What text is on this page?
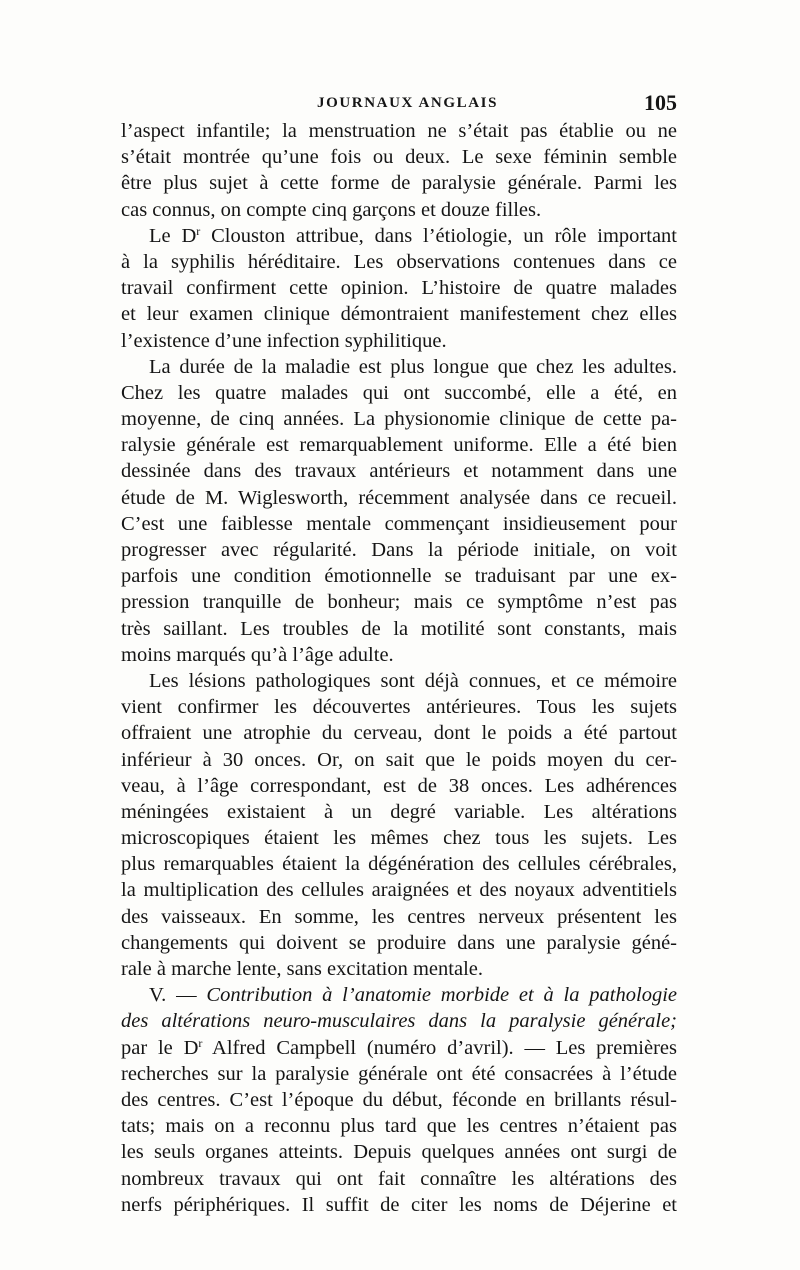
JOURNAUX ANGLAIS	105
l’aspect infantile; la menstruation ne s’était pas établie ou ne
s’était montrée qu’une fois ou deux. Le sexe féminin semble
être plus sujet à cette forme de paralysie générale. Parmi les
cas connus, on compte cinq garçons et douze filles.
Le $D^r$ Clouston attribue, dans l’étiologie, un rôle important
à la syphilis héréditaire. Les observations contenues dans ce
travail confirment cette opinion. L’histoire de quatre malades
et leur examen clinique démontraient manifestement chez elles
l’existence d’une infection syphilitique.
La durée de la maladie est plus longue que chez les adultes.
Chez les quatre malades qui ont succombé, elle a été, en
moyenne, de cinq années. La physionomie clinique de cette pa-
ralysie générale est remarquablement uniforme. Elle a été bien
dessinée dans des travaux antérieurs et notamment dans une
étude de M. Wiglesworth, récemment analysée dans ce recueil.
C’est une faiblesse mentale commençant insidieusement pour
progresser avec régularité. Dans la période initiale, on voit
parfois une condition émotionnelle se traduisant par une ex-
pression tranquille de bonheur; mais ce symptôme n’est pas
très saillant. Les troubles de la motilité sont constants, mais
moins marqués qu’à l’âge adulte.
Les lésions pathologiques sont déjà connues, et ce mémoire
vient confirmer les découvertes antérieures. Tous les sujets
offraient une atrophie du cerveau, dont le poids a été partout
inférieur à 30 onces. Or, on sait que le poids moyen du cer-
veau, à l’âge correspondant, est de 38 onces. Les adhérences
méningées existaient à un degré variable. Les altérations
microscopiques étaient les mêmes chez tous les sujets. Les
plus remarquables étaient la dégénération des cellules cérébrales,
la multiplication des cellules araignées et des noyaux adventitiels
des vaisseaux. En somme, les centres nerveux présentent les
changements qui doivent se produire dans une paralysie géné-
rale à marche lente, sans excitation mentale.
V. — Contribution à l’anatomie morbide et à la pathologie
des altérations neuro-musculaires dans la paralysie générale;
par le $D^r$ Alfred Campbell (numéro d’avril). — Les premières
recherches sur la paralysie générale ont été consacrées à l’étude
des centres. C’est l’époque du début, féconde en brillants résul-
tats; mais on a reconnu plus tard que les centres n’étaient pas
les seuls organes atteints. Depuis quelques années ont surgi de
nombreux travaux qui ont fait connaître les altérations des
nerfs périphériques. Il suffit de citer les noms de Déjerine et
